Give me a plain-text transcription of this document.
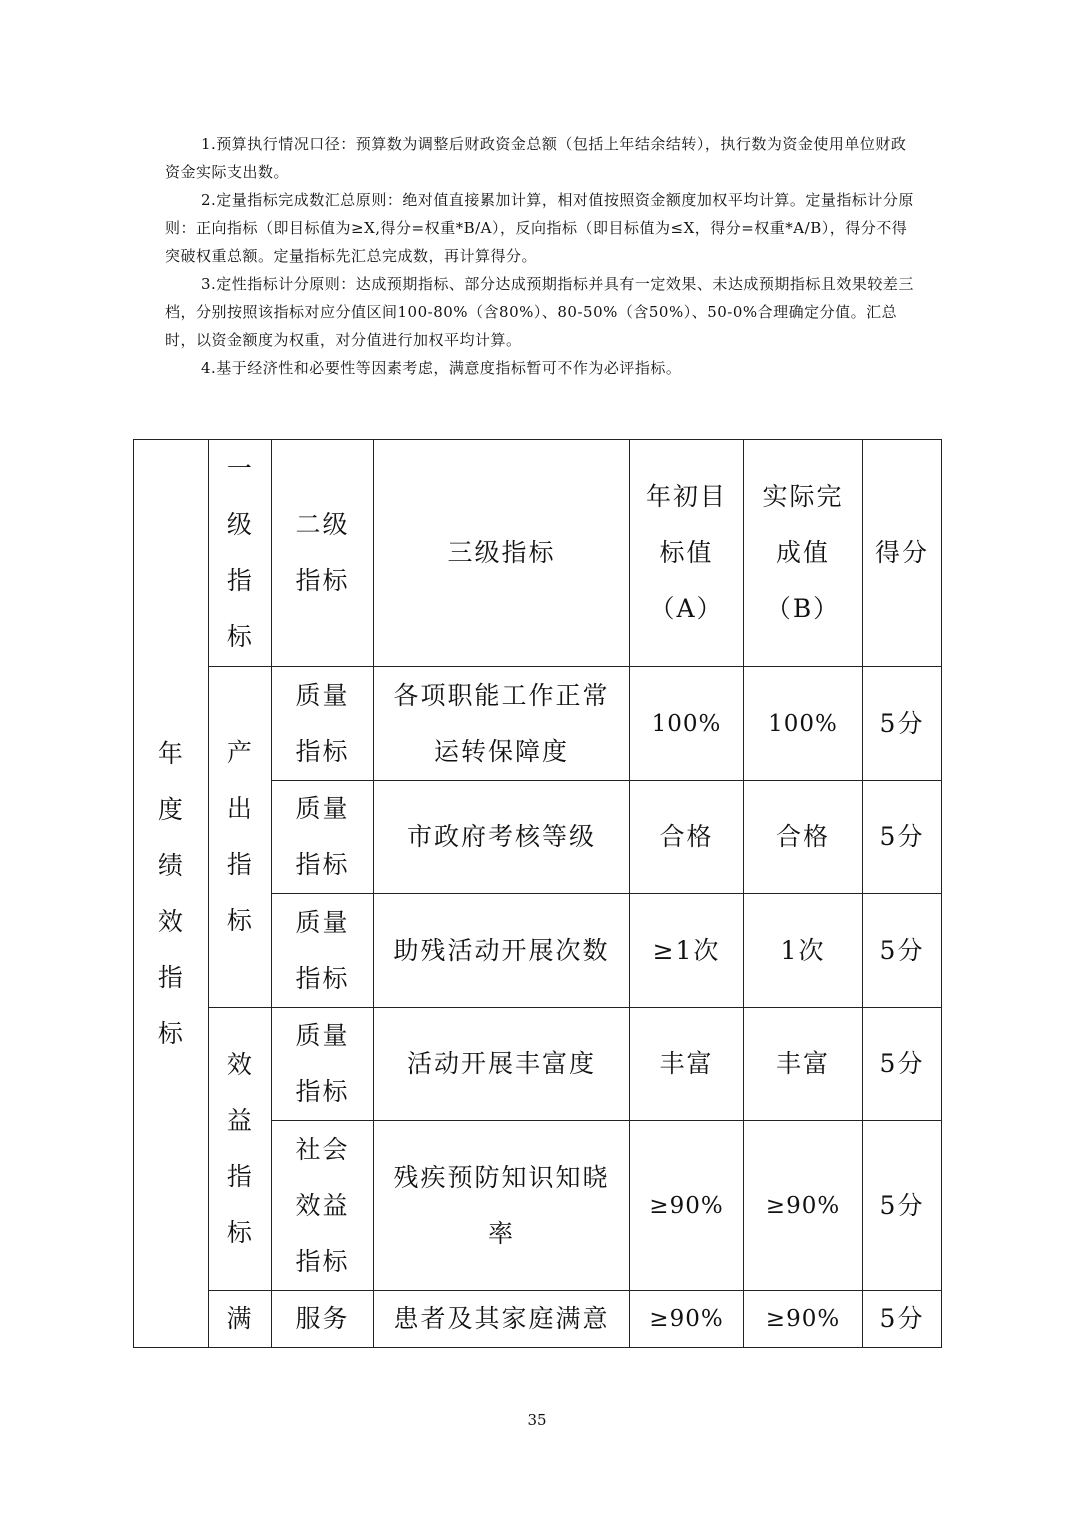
1.预算执行情况口径：预算数为调整后财政资金总额（包括上年结余结转），执行数为资金使用单位财政资金实际支出数。

2.定量指标完成数汇总原则：绝对值直接累加计算，相对值按照资金额度加权平均计算。定量指标计分原则：正向指标（即目标值为≥X,得分=权重*B/A），反向指标（即目标值为≤X，得分=权重*A/B），得分不得突破权重总额。定量指标先汇总完成数，再计算得分。

3.定性指标计分原则：达成预期指标、部分达成预期指标并具有一定效果、未达成预期指标且效果较差三档，分别按照该指标对应分值区间100-80%（含80%）、80-50%（含50%）、50-0%合理确定分值。汇总时，以资金额度为权重，对分值进行加权平均计算。

4.基于经济性和必要性等因素考虑，满意度指标暂可不作为必评指标。

年度绩效指标	一级指标	二级指标	三级指标	年初目标值（A）	实际完成值（B）	得分

	产出指标	质量指标	各项职能工作正常运转保障度	100%	100%	5分

		质量指标	市政府考核等级	合格	合格	5分

		质量指标	助残活动开展次数	≥1次	1次	5分

	效益指标	质量指标	活动开展丰富度	丰富	丰富	5分

		社会效益指标	残疾预防知识知晓率	≥90%	≥90%	5分
	满	服务	患者及其家庭满意	≥90%	≥90%	5分
35
